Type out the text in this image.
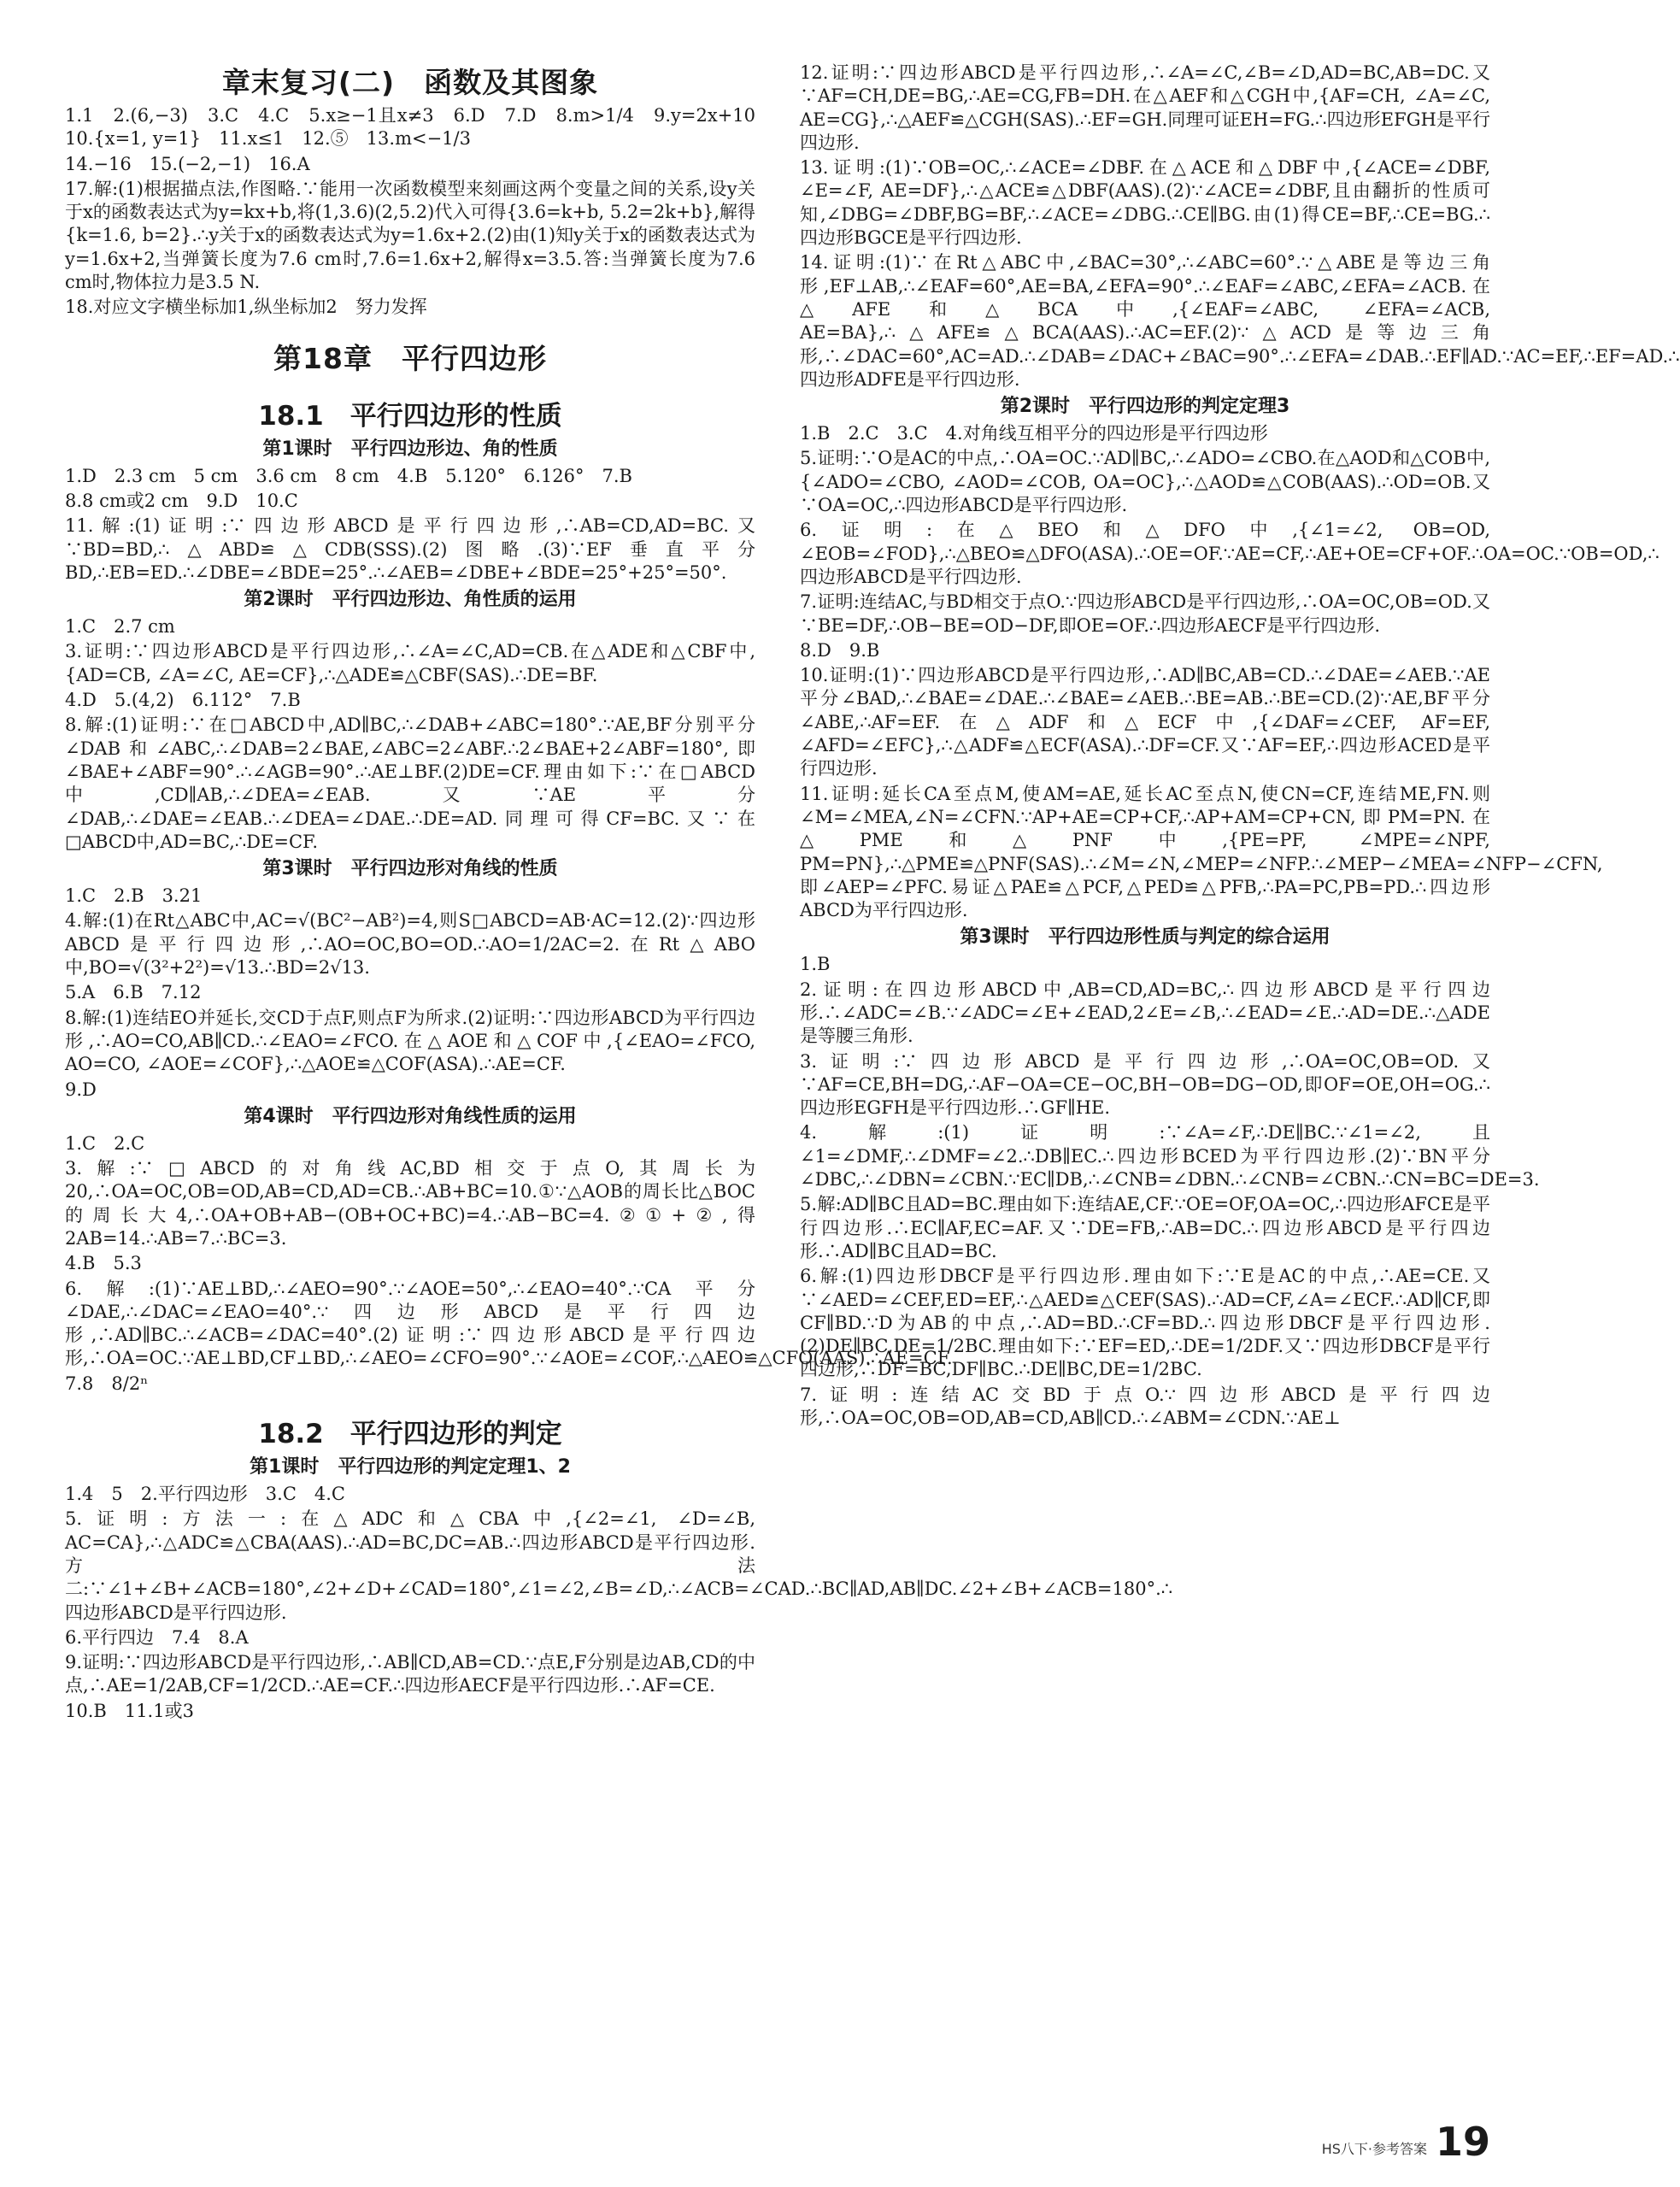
章末复习(二)　函数及其图象

1.1　2.(6,−3)　3.C　4.C　5.x≥−1且x≠3　6.D　7.D　8.m>1/4　9.y=2x+10　10.{x=1, y=1}　11.x≤1　12.⑤　13.m<−1/3

14.−16　15.(−2,−1)　16.A

17.解:(1)根据描点法,作图略.∵能用一次函数模型来刻画这两个变量之间的关系,设y关于x的函数表达式为y=kx+b,将(1,3.6)(2,5.2)代入可得{3.6=k+b, 5.2=2k+b},解得{k=1.6, b=2}.∴y关于x的函数表达式为y=1.6x+2.(2)由(1)知y关于x的函数表达式为y=1.6x+2,当弹簧长度为7.6 cm时,7.6=1.6x+2,解得x=3.5.答:当弹簧长度为7.6 cm时,物体拉力是3.5 N.

18.对应文字横坐标加1,纵坐标加2　努力发挥

第18章　平行四边形
18.1　平行四边形的性质
第1课时　平行四边形边、角的性质

1.D　2.3 cm　5 cm　3.6 cm　8 cm　4.B　5.120°　6.126°　7.B

8.8 cm或2 cm　9.D　10.C

11.解:(1)证明:∵四边形ABCD是平行四边形,∴AB=CD,AD=BC.又∵BD=BD,∴△ABD≌△CDB(SSS).(2)图略.(3)∵EF垂直平分BD,∴EB=ED.∴∠DBE=∠BDE=25°.∴∠AEB=∠DBE+∠BDE=25°+25°=50°.

第2课时　平行四边形边、角性质的运用

1.C　2.7 cm

3.证明:∵四边形ABCD是平行四边形,∴∠A=∠C,AD=CB.在△ADE和△CBF中,{AD=CB, ∠A=∠C, AE=CF},∴△ADE≌△CBF(SAS).∴DE=BF.

4.D　5.(4,2)　6.112°　7.B

8.解:(1)证明:∵在□ABCD中,AD∥BC,∴∠DAB+∠ABC=180°.∵AE,BF分别平分∠DAB和∠ABC,∴∠DAB=2∠BAE,∠ABC=2∠ABF.∴2∠BAE+2∠ABF=180°,即∠BAE+∠ABF=90°.∴∠AGB=90°.∴AE⊥BF.(2)DE=CF.理由如下:∵在□ABCD中,CD∥AB,∴∠DEA=∠EAB.又∵AE平分∠DAB,∴∠DAE=∠EAB.∴∠DEA=∠DAE.∴DE=AD.同理可得CF=BC.又∵在□ABCD中,AD=BC,∴DE=CF.

第3课时　平行四边形对角线的性质

1.C　2.B　3.21

4.解:(1)在Rt△ABC中,AC=√(BC²−AB²)=4,则S□ABCD=AB·AC=12.(2)∵四边形ABCD是平行四边形,∴AO=OC,BO=OD.∴AO=1/2AC=2.在Rt△ABO中,BO=√(3²+2²)=√13.∴BD=2√13.

5.A　6.B　7.12

8.解:(1)连结EO并延长,交CD于点F,则点F为所求.(2)证明:∵四边形ABCD为平行四边形,∴AO=CO,AB∥CD.∴∠EAO=∠FCO.在△AOE和△COF中,{∠EAO=∠FCO, AO=CO, ∠AOE=∠COF},∴△AOE≌△COF(ASA).∴AE=CF.

9.D

第4课时　平行四边形对角线性质的运用

1.C　2.C

3.解:∵□ABCD的对角线AC,BD相交于点O,其周长为20,∴OA=OC,OB=OD,AB=CD,AD=CB.∴AB+BC=10.①∵△AOB的周长比△BOC的周长大4,∴OA+OB+AB−(OB+OC+BC)=4.∴AB−BC=4.②①+②,得2AB=14.∴AB=7.∴BC=3.

4.B　5.3

6.解:(1)∵AE⊥BD,∴∠AEO=90°.∵∠AOE=50°,∴∠EAO=40°.∵CA平分∠DAE,∴∠DAC=∠EAO=40°.∵四边形ABCD是平行四边形,∴AD∥BC.∴∠ACB=∠DAC=40°.(2)证明:∵四边形ABCD是平行四边形,∴OA=OC.∵AE⊥BD,CF⊥BD,∴∠AEO=∠CFO=90°.∵∠AOE=∠COF,∴△AEO≌△CFO(AAS).∴AE=CF.

7.8　8/2ⁿ

18.2　平行四边形的判定
第1课时　平行四边形的判定定理1、2

1.4　5　2.平行四边形　3.C　4.C

5.证明:方法一:在△ADC和△CBA中,{∠2=∠1, ∠D=∠B, AC=CA},∴△ADC≌△CBA(AAS).∴AD=BC,DC=AB.∴四边形ABCD是平行四边形.方法二:∵∠1+∠B+∠ACB=180°,∠2+∠D+∠CAD=180°,∠1=∠2,∠B=∠D,∴∠ACB=∠CAD.∴BC∥AD,AB∥DC.∠2+∠B+∠ACB=180°.∴四边形ABCD是平行四边形.

6.平行四边　7.4　8.A

9.证明:∵四边形ABCD是平行四边形,∴AB∥CD,AB=CD.∵点E,F分别是边AB,CD的中点,∴AE=1/2AB,CF=1/2CD.∴AE=CF.∴四边形AECF是平行四边形.∴AF=CE.

10.B　11.1或3

12.证明:∵四边形ABCD是平行四边形,∴∠A=∠C,∠B=∠D,AD=BC,AB=DC.又∵AF=CH,DE=BG,∴AE=CG,FB=DH.在△AEF和△CGH中,{AF=CH, ∠A=∠C, AE=CG},∴△AEF≌△CGH(SAS).∴EF=GH.同理可证EH=FG.∴四边形EFGH是平行四边形.

13.证明:(1)∵OB=OC,∴∠ACE=∠DBF.在△ACE和△DBF中,{∠ACE=∠DBF, ∠E=∠F, AE=DF},∴△ACE≌△DBF(AAS).(2)∵∠ACE=∠DBF,且由翻折的性质可知,∠DBG=∠DBF,BG=BF,∴∠ACE=∠DBG.∴CE∥BG.由(1)得CE=BF,∴CE=BG.∴四边形BGCE是平行四边形.

14.证明:(1)∵在Rt△ABC中,∠BAC=30°,∴∠ABC=60°.∵△ABE是等边三角形,EF⊥AB,∴∠EAF=60°,AE=BA,∠EFA=90°.∴∠EAF=∠ABC,∠EFA=∠ACB.在△AFE和△BCA中,{∠EAF=∠ABC, ∠EFA=∠ACB, AE=BA},∴△AFE≌△BCA(AAS).∴AC=EF.(2)∵△ACD是等边三角形,∴∠DAC=60°,AC=AD.∴∠DAB=∠DAC+∠BAC=90°.∴∠EFA=∠DAB.∴EF∥AD.∵AC=EF,∴EF=AD.∴四边形ADFE是平行四边形.

第2课时　平行四边形的判定定理3

1.B　2.C　3.C　4.对角线互相平分的四边形是平行四边形

5.证明:∵O是AC的中点,∴OA=OC.∵AD∥BC,∴∠ADO=∠CBO.在△AOD和△COB中,{∠ADO=∠CBO, ∠AOD=∠COB, OA=OC},∴△AOD≌△COB(AAS).∴OD=OB.又∵OA=OC,∴四边形ABCD是平行四边形.

6.证明:在△BEO和△DFO中,{∠1=∠2, OB=OD, ∠EOB=∠FOD},∴△BEO≌△DFO(ASA).∴OE=OF.∵AE=CF,∴AE+OE=CF+OF.∴OA=OC.∵OB=OD,∴四边形ABCD是平行四边形.

7.证明:连结AC,与BD相交于点O.∵四边形ABCD是平行四边形,∴OA=OC,OB=OD.又∵BE=DF,∴OB−BE=OD−DF,即OE=OF.∴四边形AECF是平行四边形.

8.D　9.B

10.证明:(1)∵四边形ABCD是平行四边形,∴AD∥BC,AB=CD.∴∠DAE=∠AEB.∵AE平分∠BAD,∴∠BAE=∠DAE.∴∠BAE=∠AEB.∴BE=AB.∴BE=CD.(2)∵AE,BF平分∠ABE,∴AF=EF.在△ADF和△ECF中,{∠DAF=∠CEF, AF=EF, ∠AFD=∠EFC},∴△ADF≌△ECF(ASA).∴DF=CF.又∵AF=EF,∴四边形ACED是平行四边形.

11.证明:延长CA至点M,使AM=AE,延长AC至点N,使CN=CF,连结ME,FN.则∠M=∠MEA,∠N=∠CFN.∵AP+AE=CP+CF,∴AP+AM=CP+CN,即PM=PN.在△PME和△PNF中,{PE=PF, ∠MPE=∠NPF, PM=PN},∴△PME≌△PNF(SAS).∴∠M=∠N,∠MEP=∠NFP.∴∠MEP−∠MEA=∠NFP−∠CFN,即∠AEP=∠PFC.易证△PAE≌△PCF,△PED≌△PFB,∴PA=PC,PB=PD.∴四边形ABCD为平行四边形.

第3课时　平行四边形性质与判定的综合运用

1.B

2.证明:在四边形ABCD中,AB=CD,AD=BC,∴四边形ABCD是平行四边形.∴∠ADC=∠B.∵∠ADC=∠E+∠EAD,2∠E=∠B,∴∠EAD=∠E.∴AD=DE.∴△ADE是等腰三角形.

3.证明:∵四边形ABCD是平行四边形,∴OA=OC,OB=OD.又∵AF=CE,BH=DG,∴AF−OA=CE−OC,BH−OB=DG−OD,即OF=OE,OH=OG.∴四边形EGFH是平行四边形.∴GF∥HE.

4.解:(1)证明:∵∠A=∠F,∴DE∥BC.∵∠1=∠2,且∠1=∠DMF,∴∠DMF=∠2.∴DB∥EC.∴四边形BCED为平行四边形.(2)∵BN平分∠DBC,∴∠DBN=∠CBN.∵EC∥DB,∴∠CNB=∠DBN.∴∠CNB=∠CBN.∴CN=BC=DE=3.

5.解:AD∥BC且AD=BC.理由如下:连结AE,CF.∵OE=OF,OA=OC,∴四边形AFCE是平行四边形.∴EC∥AF,EC=AF.又∵DE=FB,∴AB=DC.∴四边形ABCD是平行四边形.∴AD∥BC且AD=BC.

6.解:(1)四边形DBCF是平行四边形.理由如下:∵E是AC的中点,∴AE=CE.又∵∠AED=∠CEF,ED=EF,∴△AED≌△CEF(SAS).∴AD=CF,∠A=∠ECF.∴AD∥CF,即CF∥BD.∵D为AB的中点,∴AD=BD.∴CF=BD.∴四边形DBCF是平行四边形.(2)DE∥BC,DE=1/2BC.理由如下:∵EF=ED,∴DE=1/2DF.又∵四边形DBCF是平行四边形,∴DF=BC,DF∥BC.∴DE∥BC,DE=1/2BC.

7.证明:连结AC交BD于点O.∵四边形ABCD是平行四边形,∴OA=OC,OB=OD,AB=CD,AB∥CD.∴∠ABM=∠CDN.∵AE⊥

HS八下·参考答案 19
